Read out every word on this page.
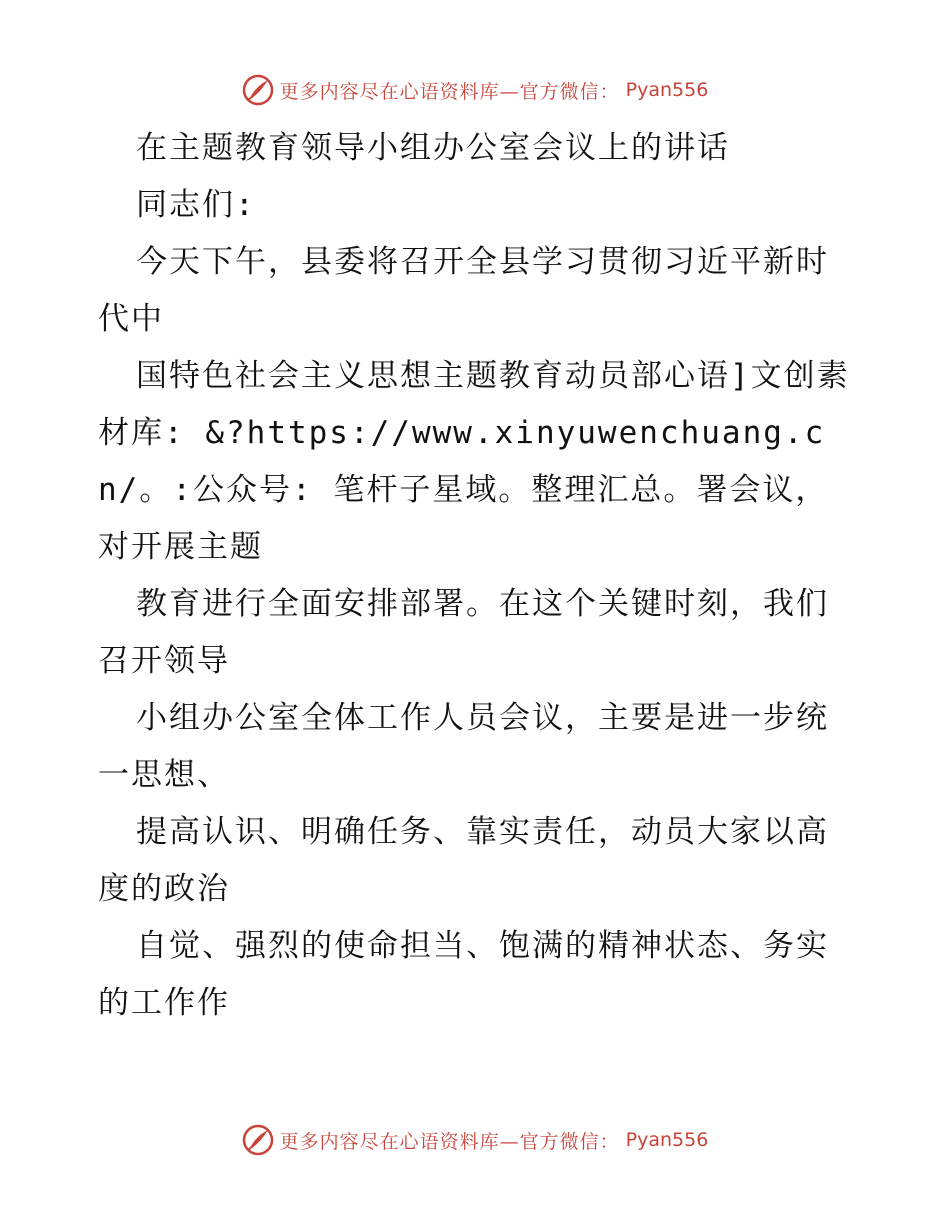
更多内容尽在心语资料库—官方微信： Pyan556

在主题教育领导小组办公室会议上的讲话

同志们:

今天下午，县委将召开全县学习贯彻习近平新时代中

国特色社会主义思想主题教育动员部心语]文创素材库: &?https://www.xinyuwenchuang.cn/。:公众号: 笔杆子星域。整理汇总。署会议，对开展主题

教育进行全面安排部署。在这个关键时刻，我们召开领导

小组办公室全体工作人员会议，主要是进一步统一思想、

提高认识、明确任务、靠实责任，动员大家以高度的政治

自觉、强烈的使命担当、饱满的精神状态、务实的工作作

更多内容尽在心语资料库—官方微信： Pyan556
